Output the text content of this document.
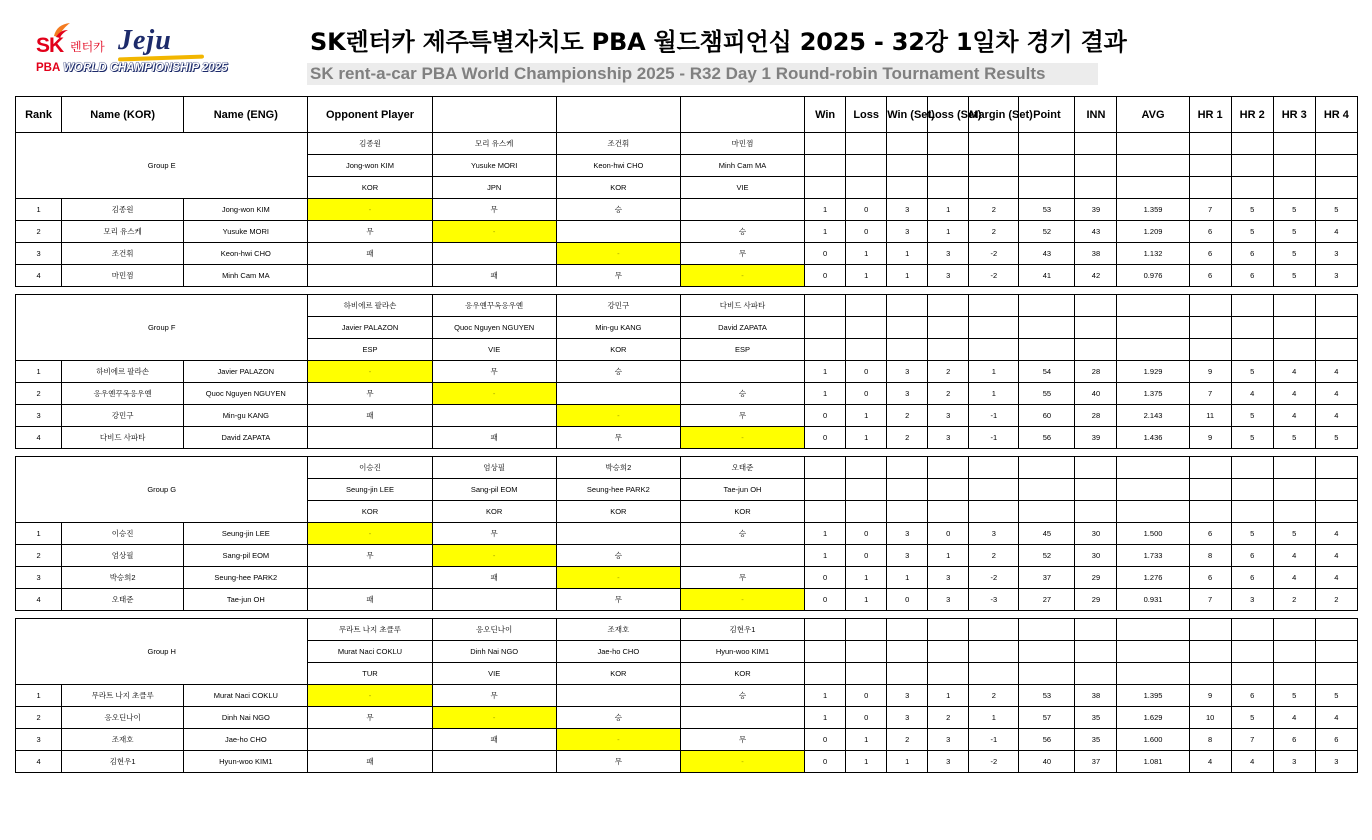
SK 렌터카 Jeju
PBA WORLD CHAMPIONSHIP 2025
SK렌터카 제주특별자치도 PBA 월드챔피언십 2025 - 32강 1일차 경기 결과
SK rent-a-car PBA World Championship 2025 - R32 Day 1 Round-robin Tournament Results
Rank	Name (KOR)	Name (ENG)	Opponent Player				Win	Loss	Win (Set)	Loss (Set)	Margin (Set)	Point	INN	AVG	HR 1	HR 2	HR 3	HR 4
Group E			김종원	모리 유스케	조건휘	마민껌												
			Jong-won KIM	Yusuke MORI	Keon-hwi CHO	Minh Cam MA												
			KOR	JPN	KOR	VIE												
1	김종원	Jong-won KIM	-	무	승		1	0	3	1	2	53	39	1.359	7	5	5	5
2	모리 유스케	Yusuke MORI	무	-		승	1	0	3	1	2	52	43	1.209	6	5	5	4
3	조건휘	Keon-hwi CHO	패		-	무	0	1	1	3	-2	43	38	1.132	6	6	5	3
4	마민껌	Minh Cam MA		패	무	-	0	1	1	3	-2	41	42	0.976	6	6	5	3

Group F			하비에르 팔라손	응우옌꾸옥응우옌	강민구	다비드 사파타												
			Javier PALAZON	Quoc Nguyen NGUYEN	Min-gu KANG	David ZAPATA												
			ESP	VIE	KOR	ESP												
1	하비에르 팔라손	Javier PALAZON	-	무	승		1	0	3	2	1	54	28	1.929	9	5	4	4
2	응우옌꾸옥응우옌	Quoc Nguyen NGUYEN	무	-		승	1	0	3	2	1	55	40	1.375	7	4	4	4
3	강민구	Min-gu KANG	패		-	무	0	1	2	3	-1	60	28	2.143	11	5	4	4
4	다비드 사파타	David ZAPATA		패	무	-	0	1	2	3	-1	56	39	1.436	9	5	5	5

Group G			이승진	엄상필	박승희2	오태준												
			Seung-jin LEE	Sang-pil EOM	Seung-hee PARK2	Tae-jun OH												
			KOR	KOR	KOR	KOR												
1	이승진	Seung-jin LEE	-	무		승	1	0	3	0	3	45	30	1.500	6	5	5	4
2	엄상필	Sang-pil EOM	무	-	승		1	0	3	1	2	52	30	1.733	8	6	4	4
3	박승희2	Seung-hee PARK2		패	-	무	0	1	1	3	-2	37	29	1.276	6	6	4	4
4	오태준	Tae-jun OH	패		무	-	0	1	0	3	-3	27	29	0.931	7	3	2	2

Group H			무라트 나지 초클루	응오딘나이	조재호	김현우1												
			Murat Naci COKLU	Dinh Nai NGO	Jae-ho CHO	Hyun-woo KIM1												
			TUR	VIE	KOR	KOR												
1	무라트 나지 초클루	Murat Naci COKLU	-	무		승	1	0	3	1	2	53	38	1.395	9	6	5	5
2	응오딘나이	Dinh Nai NGO	무	-	승		1	0	3	2	1	57	35	1.629	10	5	4	4
3	조재호	Jae-ho CHO		패	-	무	0	1	2	3	-1	56	35	1.600	8	7	6	6
4	김현우1	Hyun-woo KIM1	패		무	-	0	1	1	3	-2	40	37	1.081	4	4	3	3
